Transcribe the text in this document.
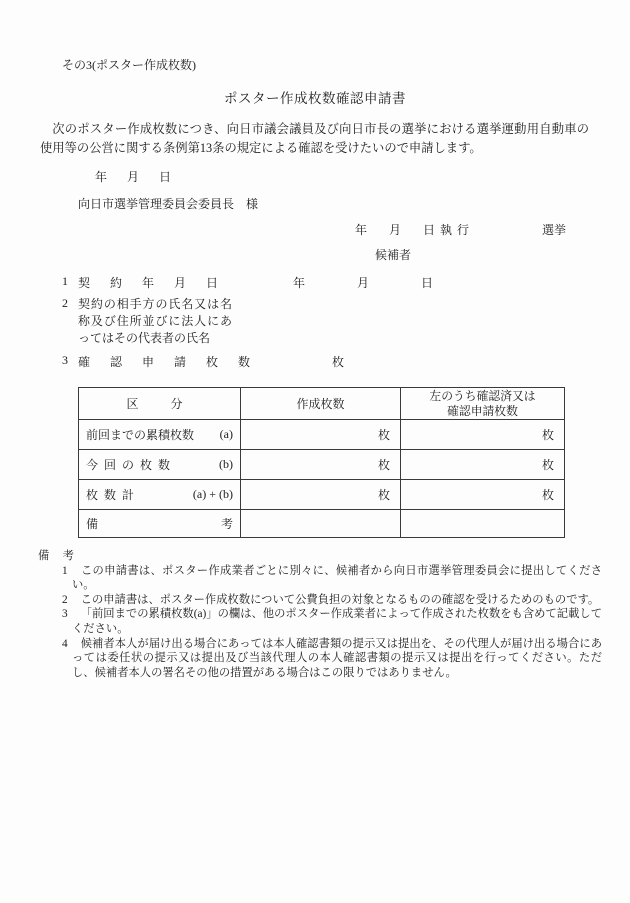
その3(ポスター作成枚数)
ポスター作成枚数確認申請書
次のポスター作成枚数につき、向日市議会議員及び向日市長の選挙における選挙運動用自動車の使用等の公営に関する条例第13条の規定による確認を受けたいので申請します。
年　月　日
向日市選挙管理委員会委員長　様
年　月　日執行	選挙
候補者
1 契約年月日	年　月　日
2 契約の相手方の氏名又は名称及び住所並びに法人にあってはその代表者の氏名
3 確認申請枚数	枚
区　分	作成枚数	左のうち確認済又は
確認申請枚数

前回までの累積枚数 (a)	枚	枚

今回の枚数 (b)	枚	枚

枚数計 (a) + (b)	枚	枚

備 考		

備　考
1 この申請書は、ポスター作成業者ごとに別々に、候補者から向日市選挙管理委員会に提出してください。
2 この申請書は、ポスター作成枚数について公費負担の対象となるものの確認を受けるためのものです。
3 「前回までの累積枚数(a)」の欄は、他のポスター作成業者によって作成された枚数をも含めて記載してください。
4 候補者本人が届け出る場合にあっては本人確認書類の提示又は提出を、その代理人が届け出る場合にあっては委任状の提示又は提出及び当該代理人の本人確認書類の提示又は提出を行ってください。ただし、候補者本人の署名その他の措置がある場合はこの限りではありません。
